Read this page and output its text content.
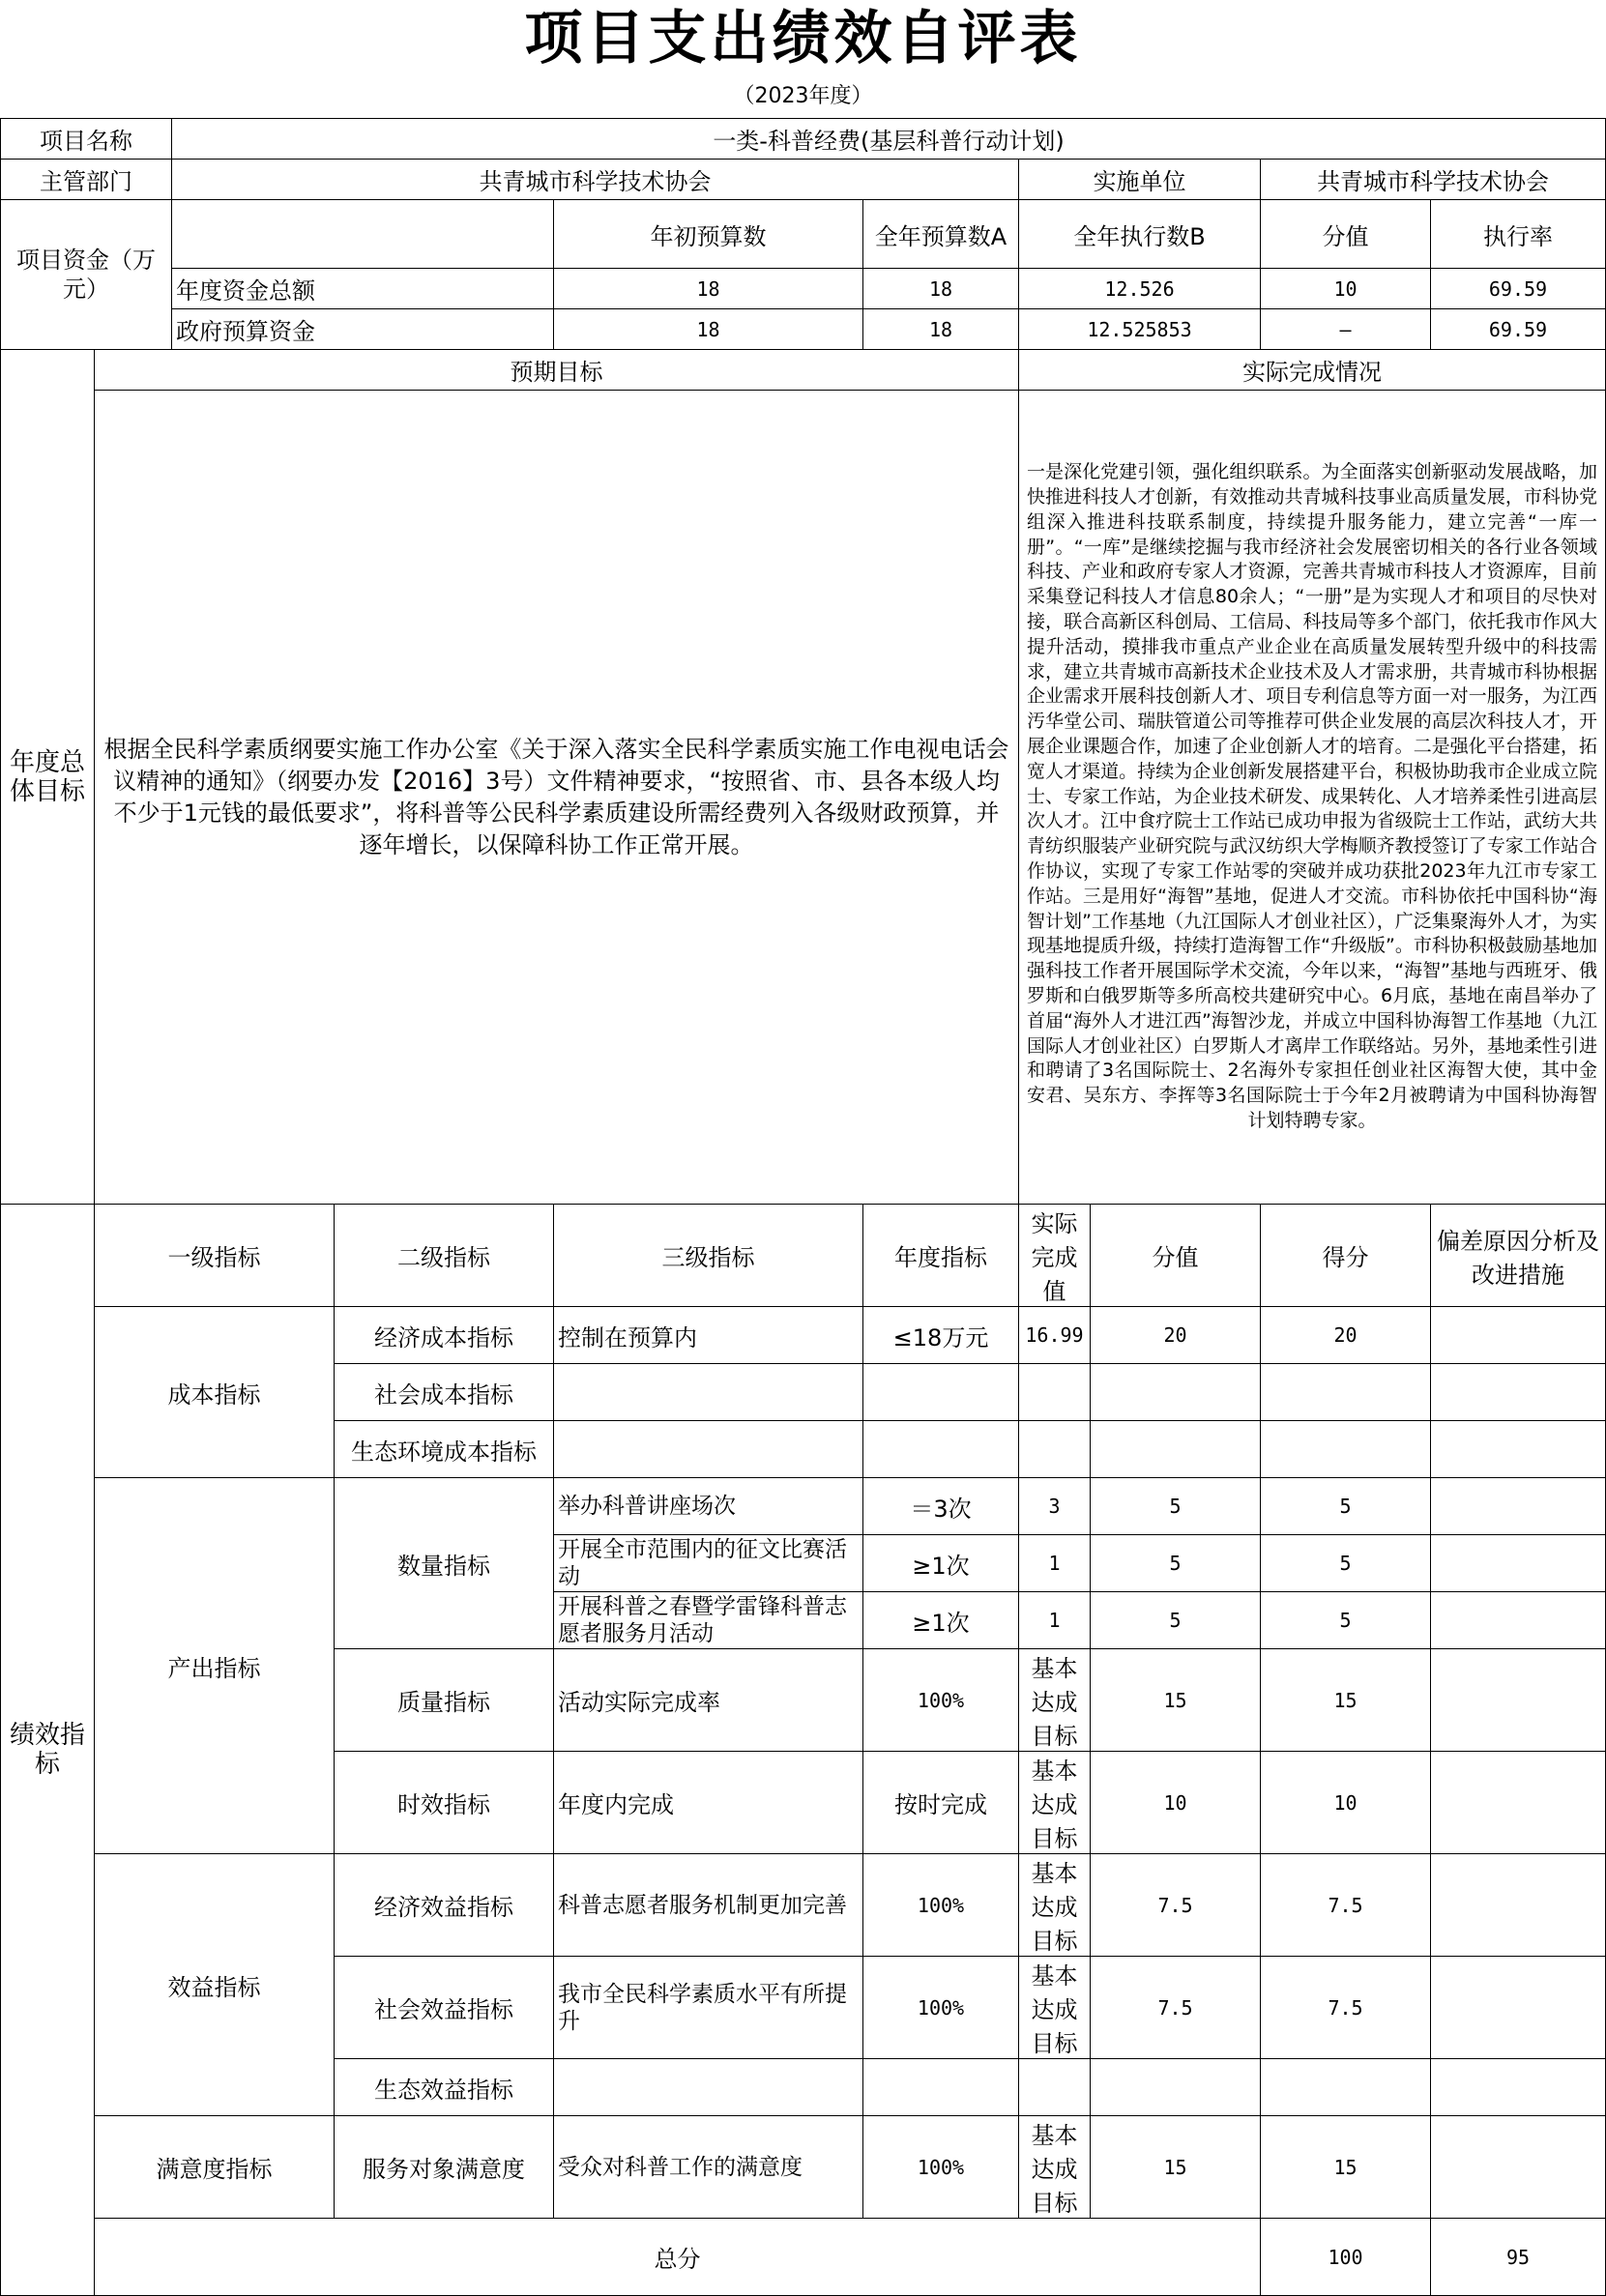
项目支出绩效自评表
（2023年度）
项目名称		一类-科普经费(基层科普行动计划)								
主管部门		共青城市科学技术协会				实施单位		共青城市科学技术协会		
项目资金（万元）				年初预算数	全年预算数A	全年执行数B		分值	执行率	
		年度资金总额		18	18	12.526		10	69.59	
		政府预算资金		18	18	12.525853		—	69.59	
年度总体目标	预期目标					实际完成情况				
	根据全民科学素质纲要实施工作办公室《关于深入落实全民科学素质实施工作电视电话会议精神的通知》（纲要办发【2016】3号）文件精神要求，“按照省、市、县各本级人均不少于1元钱的最低要求”，将科普等公民科学素质建设所需经费列入各级财政预算，并逐年增长，以保障科协工作正常开展。					一是深化党建引领，强化组织联系。为全面落实创新驱动发展战略，加快推进科技人才创新，有效推动共青城科技事业高质量发展，市科协党组深入推进科技联系制度，持续提升服务能力，建立完善“一库一册”。“一库”是继续挖掘与我市经济社会发展密切相关的各行业各领域科技、产业和政府专家人才资源，完善共青城市科技人才资源库，目前采集登记科技人才信息80余人；“一册”是为实现人才和项目的尽快对接，联合高新区科创局、工信局、科技局等多个部门，依托我市作风大提升活动，摸排我市重点产业企业在高质量发展转型升级中的科技需求，建立共青城市高新技术企业技术及人才需求册，共青城市科协根据企业需求开展科技创新人才、项目专利信息等方面一对一服务，为江西汚华堂公司、瑞肤管道公司等推荐可供企业发展的高层次科技人才，开展企业课题合作，加速了企业创新人才的培育。二是强化平台搭建，拓宽人才渠道。持续为企业创新发展搭建平台，积极协助我市企业成立院士、专家工作站，为企业技术研发、成果转化、人才培养柔性引进高层次人才。江中食疗院士工作站已成功申报为省级院士工作站，武纺大共青纺织服装产业研究院与武汉纺织大学梅顺齐教授签订了专家工作站合作协议，实现了专家工作站零的突破并成功获批2023年九江市专家工作站。三是用好“海智”基地，促进人才交流。市科协依托中国科协“海智计划”工作基地（九江国际人才创业社区），广泛集聚海外人才，为实现基地提质升级，持续打造海智工作“升级版”。市科协积极鼓励基地加强科技工作者开展国际学术交流，今年以来，“海智”基地与西班牙、俄罗斯和白俄罗斯等多所高校共建研究中心。6月底，基地在南昌举办了首届“海外人才进江西”海智沙龙，并成立中国科协海智工作基地（九江国际人才创业社区）白罗斯人才离岸工作联络站。另外，基地柔性引进和聘请了3名国际院士、2名海外专家担任创业社区海智大使，其中金安君、吴东方、李挥等3名国际院士于今年2月被聘请为中国科协海智计划特聘专家。				
绩效指标	一级指标		二级指标	三级指标	年度指标	实际完成值	分值	得分	偏差原因分析及改进措施	
	成本指标		经济成本指标	控制在预算内	≤18万元	16.99	20	20		
			社会成本指标							
			生态环境成本指标							
	产出指标		数量指标	举办科普讲座场次	＝3次	3	5	5		
				开展全市范围内的征文比赛活动	≥1次	1	5	5		
				开展科普之春暨学雷锋科普志愿者服务月活动	≥1次	1	5	5		
			质量指标	活动实际完成率	100%	基本达成目标	15	15		
			时效指标	年度内完成	按时完成	基本达成目标	10	10		
	效益指标		经济效益指标	科普志愿者服务机制更加完善	100%	基本达成目标	7.5	7.5		
			社会效益指标	我市全民科学素质水平有所提升	100%	基本达成目标	7.5	7.5		
			生态效益指标							
	满意度指标		服务对象满意度	受众对科普工作的满意度	100%	基本达成目标	15	15		
	总分							100	95	
